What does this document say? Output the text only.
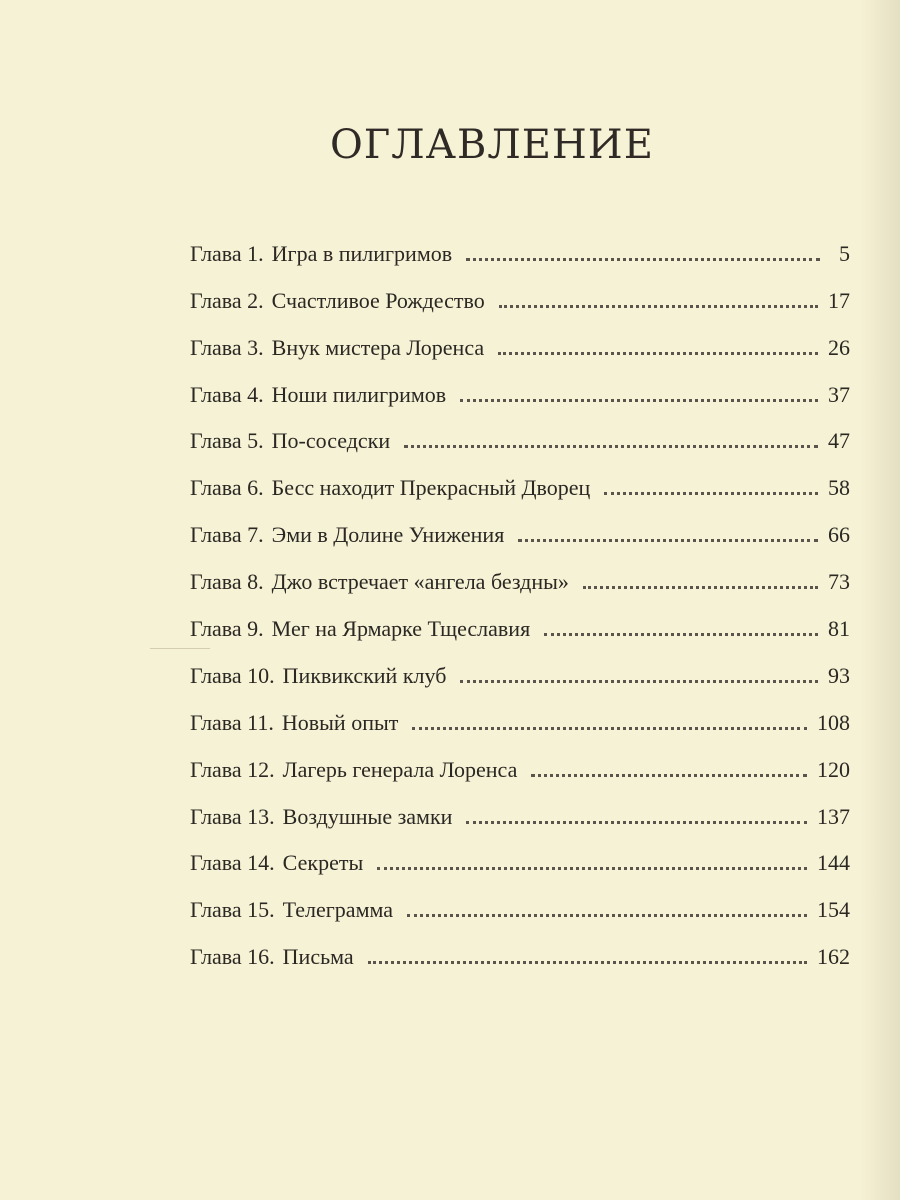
ОГЛАВЛЕНИЕ
Глава 1. Игра в пилигримов	5
Глава 2. Счастливое Рождество	17
Глава 3. Внук мистера Лоренса	26
Глава 4. Ноши пилигримов	37
Глава 5. По-соседски	47
Глава 6. Бесс находит Прекрасный Дворец	58
Глава 7. Эми в Долине Унижения	66
Глава 8. Джо встречает «ангела бездны»	73
Глава 9. Мег на Ярмарке Тщеславия	81
Глава 10. Пиквикский клуб	93
Глава 11. Новый опыт	108
Глава 12. Лагерь генерала Лоренса	120
Глава 13. Воздушные замки	137
Глава 14. Секреты	144
Глава 15. Телеграмма	154
Глава 16. Письма	162
